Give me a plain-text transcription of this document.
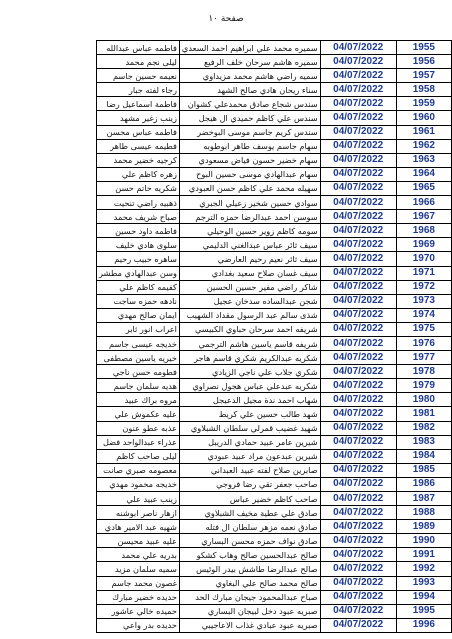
صفحة ١٠
فاطمه عباس عبدالله	سميره محمد علي ابراهيم احمد السعدي	04/07/2022	1955
ليلى نجم محمد	سميره هاشم سرحان خلف الرفيع	04/07/2022	1956
نعيمه حسين جاسم	سميه راضي هاشم محمد مزيداوي	04/07/2022	1957
رجاء لفته جبار	سناء ريحان هادي صالح الشهد	04/07/2022	1958
فاطمة اسماعيل رضا	سندس شجاع صادق محمدعلي كشوان	04/07/2022	1959
زينب زغير مشهد	سندس علي كاظم حميدي ال هيجل	04/07/2022	1960
فاطمه عباس محسن	سندس كريم جاسم موسى البوخضر	04/07/2022	1961
فطيمه عيسى طاهر	سهام جاسم يوسف طاهر ابوطوبه	04/07/2022	1962
كرجيه خضير محمد	سهام خضير حسون فياض مسعودي	04/07/2022	1963
زهره كاظم علي	سهام عبدالهادي موسى حسين البوح	04/07/2022	1964
شكريه حاتم حسن	سهيله محمد علي كاظم حسن العبودي	04/07/2022	1965
ذهبيه راضي تنحيت	سوادي حسين شخير زعيلي الجبري	04/07/2022	1966
صباح شريف محمد	سوسن احمد عبدالرضا حمزه الترجم	04/07/2022	1967
فاطمه داود حسين	سومه كاظم زوير حسين الوحيلي	04/07/2022	1968
سلوى هادي خليف	سيف ثائر عباس عبدالغني الدليمي	04/07/2022	1969
ساهره حبيب رحيم	سيف ثائر نعيم رحيم العارضي	04/07/2022	1970
وسن عبدالهادي مطشر	سيف غسان صلاح سعيد بغدادي	04/07/2022	1971
كفيمه كاظم علي	شاكر راضي مفير حسين الحسين	04/07/2022	1972
نادهه حمزه ساجت	شجن عبدالساده سدخان عجيل	04/07/2022	1973
ايمان صالح مهدي	شذى سالم عبد الرسول مقداد الشهيب	04/07/2022	1974
اعراب انور ثابر	شريفه احمد سرحان حباوي الكبيسي	04/07/2022	1975
خديجه عيسى جاسم	شريفه قاسم ياسين هاشم الترجمي	04/07/2022	1976
خيريه ياسين مصطفى	شكريه عبدالكريم شكري قاسم هاجر	04/07/2022	1977
فطومه حسن ناجي	شكري جلاب علي ناجي الزيادي	04/07/2022	1978
هديه سلمان جاسم	شكريه عبدعلي عباس هجول نصراوي	04/07/2022	1979
مروه براك عبيد	شهاب احمد ندة مجيل الدعيجل	04/07/2022	1980
عليه عكموش علي	شهد طالب حسين علي كريط	04/07/2022	1981
عذبه عطو عنون	شهيد غضيب قمرلي سلطان الشبلاوي	04/07/2022	1982
عذراء عبدالواحد فضل	شيرين عامر عبيد حمادي الدريبل	04/07/2022	1983
ليلى صاحب كاظم	شيرين عبدعون مراد عبيد عبودي	04/07/2022	1984
معصومه صبري صانت	صابرين صلاح لفته عبيد العبداني	04/07/2022	1985
خديجه محمود مهدي	صاحب جعفر تقي رضا فروجي	04/07/2022	1986
زينب عبيد علي	صاحب كاظم خضير عباس	04/07/2022	1987
ازهار ناصر ابوشنه	صادق علي عطية مخيف الشبلاوي	04/07/2022	1988
شهيه عبد الامير هادي	صادق نعمه مزهر سلطان ال فتله	04/07/2022	1989
عليه عبيد محيسن	صادق نواف حمزه محسن البساري	04/07/2022	1990
بدريه علي محمد	صالح عبدالحسين صالح وهاب كشكو	04/07/2022	1991
سميه سلمان مزيد	صالح عبدالرضا طاشش بيدر الوئيس	04/07/2022	1992
غصون محمد جاسم	صالح محمد صالح علي البغاوي	04/07/2022	1993
حديده خضير مبارك	صباح عبدالمحمود جيجان مبارك الحد	04/07/2022	1994
حميده خالي عاشور	صبريه عبود دخل لبيجان البساري	04/07/2022	1995
حديده بدر واعي	صبريه عبود عبادي غذاب الاعاجيبي	04/07/2022	1996
